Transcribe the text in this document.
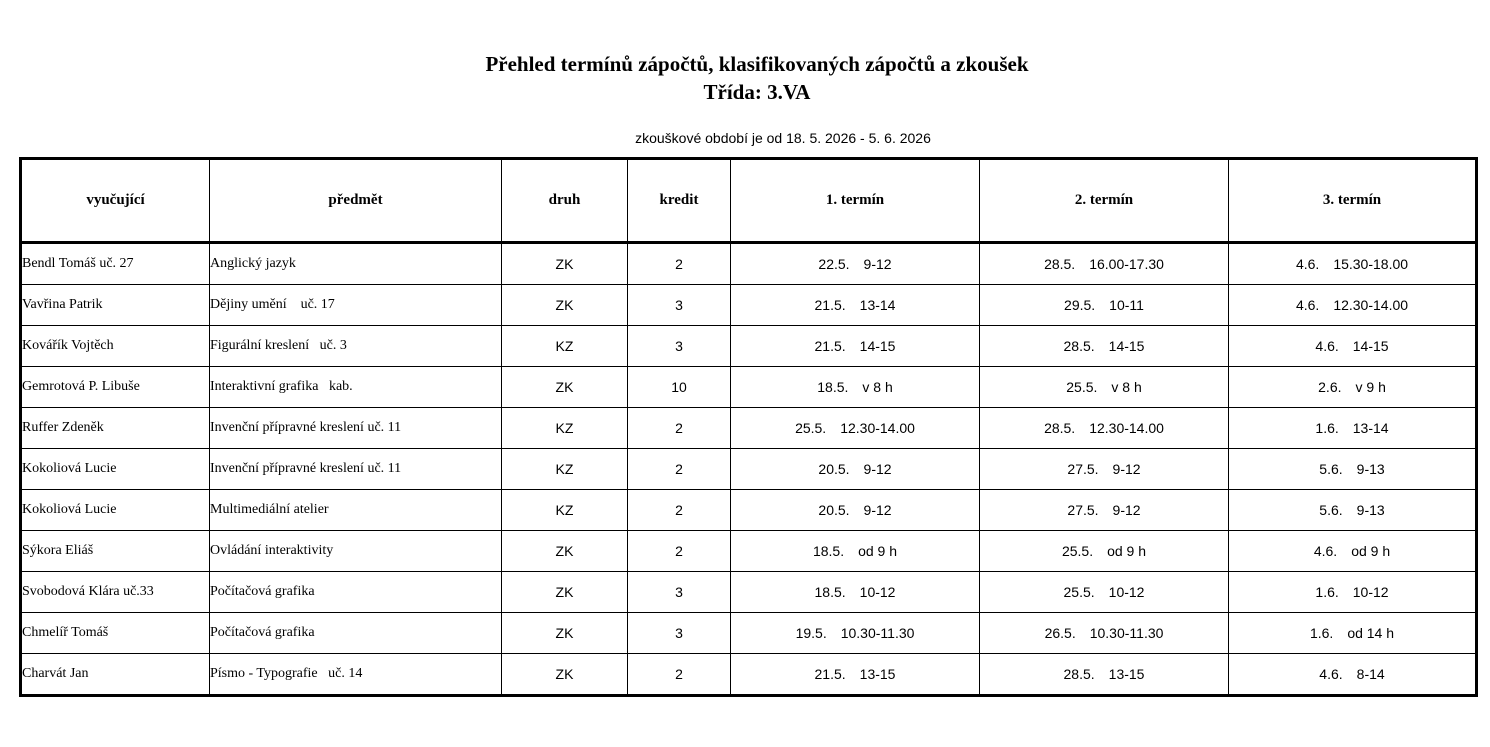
Přehled termínů zápočtů, klasifikovaných zápočtů a zkoušek
Třída: 3.VA
zkouškové období je od 18. 5. 2026 - 5. 6. 2026
vyučující	předmět	druh	kredit	1. termín	2. termín	3. termín
Bendl Tomáš uč. 27	Anglický jazyk	ZK	2	22.5. 9-12	28.5. 16.00-17.30	4.6. 15.30-18.00
Vavřina Patrik	Dějiny umění    uč. 17	ZK	3	21.5. 13-14	29.5. 10-11	4.6. 12.30-14.00
Kovářík Vojtěch	Figurální kreslení   uč. 3	KZ	3	21.5. 14-15	28.5. 14-15	4.6. 14-15
Gemrotová P. Libuše	Interaktivní grafika   kab.	ZK	10	18.5. v 8 h	25.5. v 8 h	2.6. v 9 h
Ruffer Zdeněk	Invenční přípravné kreslení uč. 11	KZ	2	25.5. 12.30-14.00	28.5. 12.30-14.00	1.6. 13-14
Kokoliová Lucie	Invenční přípravné kreslení uč. 11	KZ	2	20.5. 9-12	27.5. 9-12	5.6. 9-13
Kokoliová Lucie	Multimediální atelier	KZ	2	20.5. 9-12	27.5. 9-12	5.6. 9-13
Sýkora Eliáš	Ovládání interaktivity	ZK	2	18.5. od 9 h	25.5. od 9 h	4.6. od 9 h
Svobodová Klára uč.33	Počítačová grafika	ZK	3	18.5. 10-12	25.5. 10-12	1.6. 10-12
Chmelíř Tomáš	Počítačová grafika	ZK	3	19.5. 10.30-11.30	26.5. 10.30-11.30	1.6. od 14 h
Charvát Jan	Písmo - Typografie   uč. 14	ZK	2	21.5. 13-15	28.5. 13-15	4.6. 8-14
